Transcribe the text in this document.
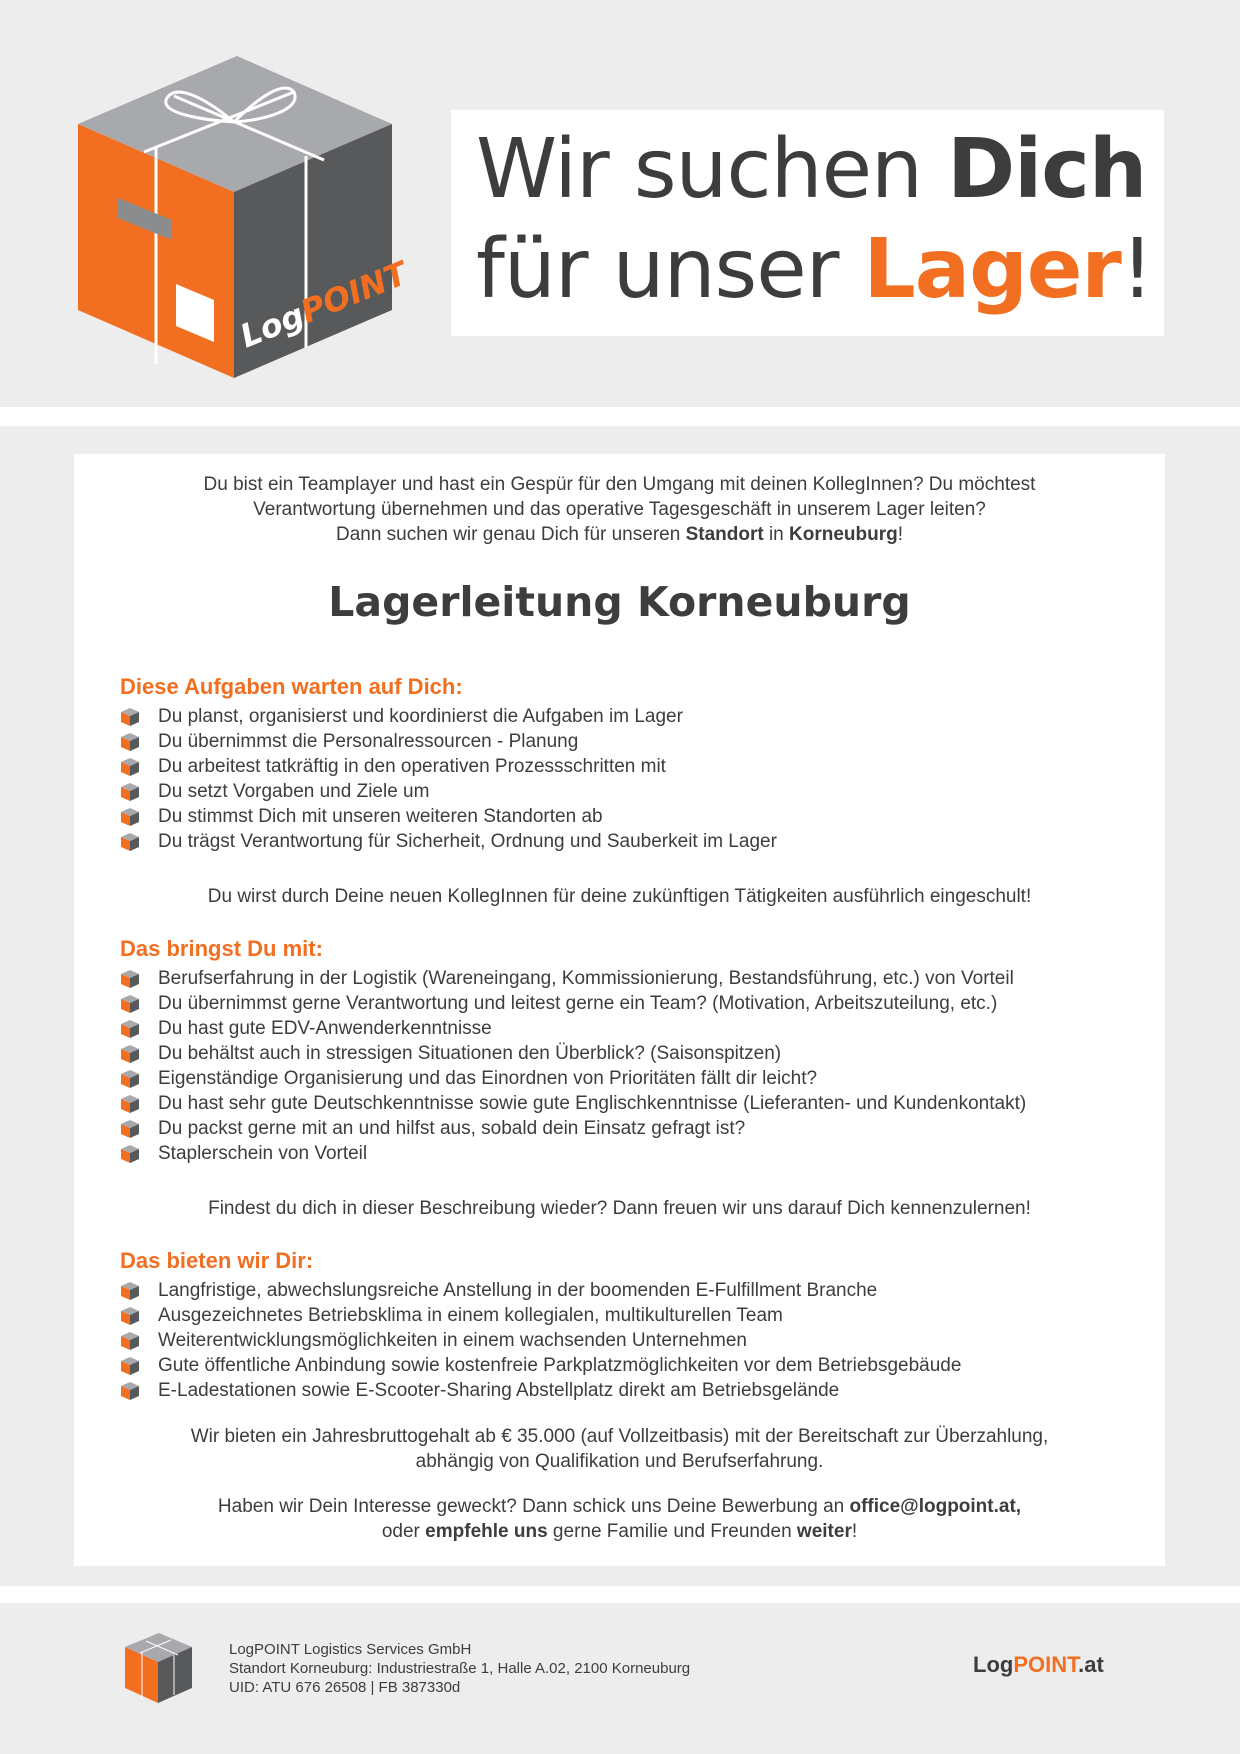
LogPOINT
Wir suchen Dich
für unser Lager!
Du bist ein Teamplayer und hast ein Gespür für den Umgang mit deinen KollegInnen? Du möchtest
Verantwortung übernehmen und das operative Tagesgeschäft in unserem Lager leiten?
Dann suchen wir genau Dich für unseren Standort in Korneuburg!
Lagerleitung Korneuburg
Diese Aufgaben warten auf Dich:
Du planst, organisierst und koordinierst die Aufgaben im Lager
Du übernimmst die Personalressourcen - Planung
Du arbeitest tatkräftig in den operativen Prozessschritten mit
Du setzt Vorgaben und Ziele um
Du stimmst Dich mit unseren weiteren Standorten ab
Du trägst Verantwortung für Sicherheit, Ordnung und Sauberkeit im Lager
Du wirst durch Deine neuen KollegInnen für deine zukünftigen Tätigkeiten ausführlich eingeschult!
Das bringst Du mit:
Berufserfahrung in der Logistik (Wareneingang, Kommissionierung, Bestandsführung, etc.) von Vorteil
Du übernimmst gerne Verantwortung und leitest gerne ein Team? (Motivation, Arbeitszuteilung, etc.)
Du hast gute EDV-Anwenderkenntnisse
Du behältst auch in stressigen Situationen den Überblick? (Saisonspitzen)
Eigenständige Organisierung und das Einordnen von Prioritäten fällt dir leicht?
Du hast sehr gute Deutschkenntnisse sowie gute Englischkenntnisse (Lieferanten- und Kundenkontakt)
Du packst gerne mit an und hilfst aus, sobald dein Einsatz gefragt ist?
Staplerschein von Vorteil
Findest du dich in dieser Beschreibung wieder? Dann freuen wir uns darauf Dich kennenzulernen!
Das bieten wir Dir:
Langfristige, abwechslungsreiche Anstellung in der boomenden E-Fulfillment Branche
Ausgezeichnetes Betriebsklima in einem kollegialen, multikulturellen Team
Weiterentwicklungsmöglichkeiten in einem wachsenden Unternehmen
Gute öffentliche Anbindung sowie kostenfreie Parkplatzmöglichkeiten vor dem Betriebsgebäude
E-Ladestationen sowie E-Scooter-Sharing Abstellplatz direkt am Betriebsgelände
Wir bieten ein Jahresbruttogehalt ab € 35.000 (auf Vollzeitbasis) mit der Bereitschaft zur Überzahlung,
abhängig von Qualifikation und Berufserfahrung.
Haben wir Dein Interesse geweckt? Dann schick uns Deine Bewerbung an office@logpoint.at,
oder empfehle uns gerne Familie und Freunden weiter!
LogPOINT Logistics Services GmbH
Standort Korneuburg: Industriestraße 1, Halle A.02, 2100 Korneuburg
UID: ATU 676 26508 | FB 387330d
LogPOINT.at
